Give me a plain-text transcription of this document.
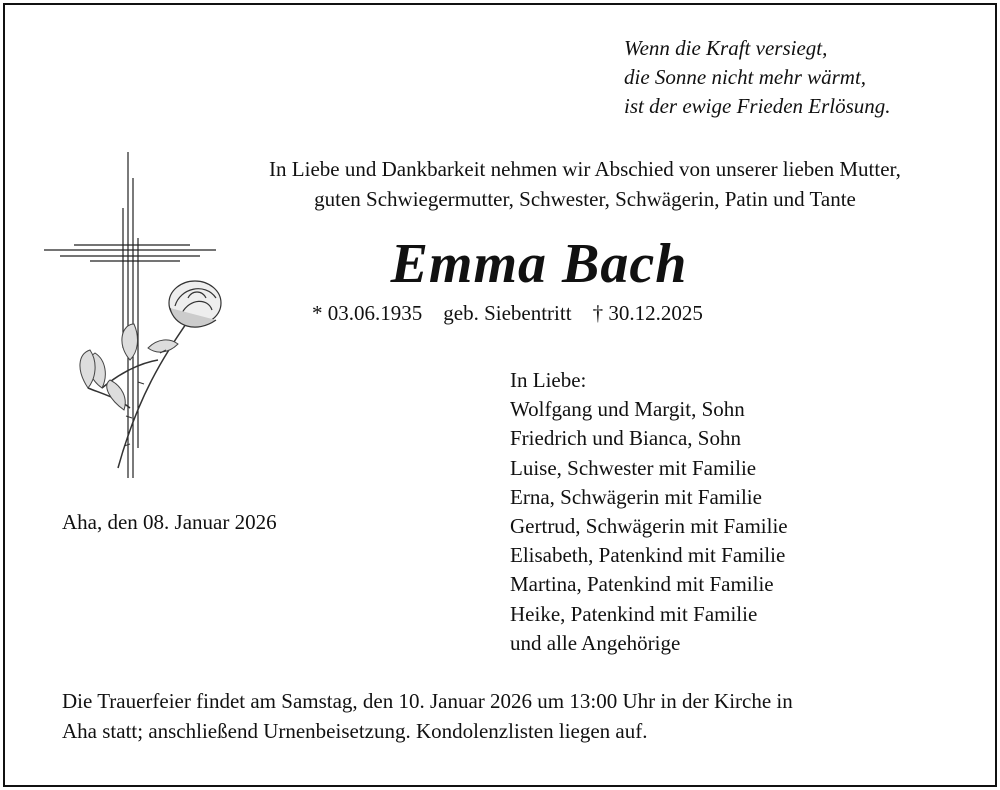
Wenn die Kraft versiegt,
die Sonne nicht mehr wärmt,
ist der ewige Frieden Erlösung.
In Liebe und Dankbarkeit nehmen wir Abschied von unserer lieben Mutter,
guten Schwiegermutter, Schwester, Schwägerin, Patin und Tante
Emma Bach
* 03.06.1935 geb. Siebentritt † 30.12.2025
In Liebe:
Wolfgang und Margit, Sohn
Friedrich und Bianca, Sohn
Luise, Schwester mit Familie
Erna, Schwägerin mit Familie
Gertrud, Schwägerin mit Familie
Elisabeth, Patenkind mit Familie
Martina, Patenkind mit Familie
Heike, Patenkind mit Familie
und alle Angehörige
Aha, den 08. Januar 2026
Die Trauerfeier findet am Samstag, den 10. Januar 2026 um 13:00 Uhr in der Kirche in
Aha statt; anschließend Urnenbeisetzung. Kondolenzlisten liegen auf.
